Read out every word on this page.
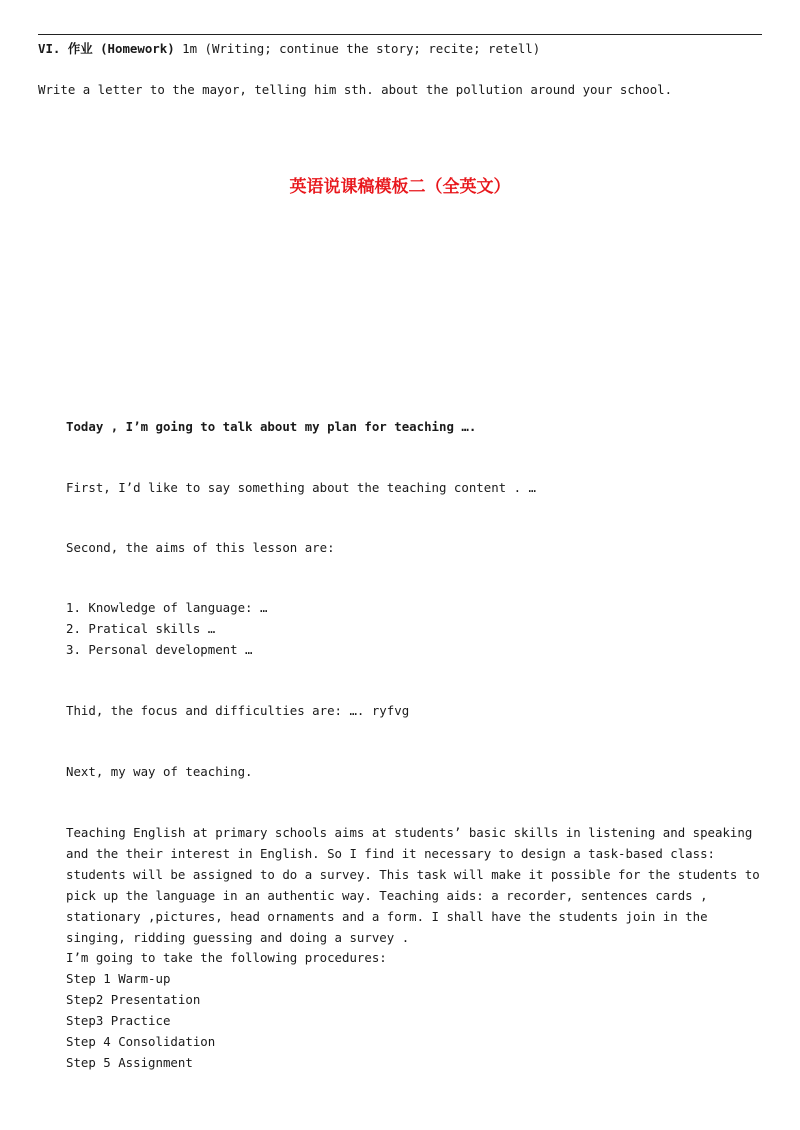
VI. 作业 (Homework) 1m (Writing; continue the story; recite; retell)
Write a letter to the mayor, telling him sth. about the pollution around your school.
英语说课稿模板二（全英文）
Today , I’m going to talk about my plan for teaching ….
First, I’d like to say something about the teaching content . …
Second, the aims of this lesson are:
1. Knowledge of language: …
2. Pratical skills …
3. Personal development …
Thid, the focus and difficulties are: …. ryfvg
Next, my way of teaching.
Teaching English at primary schools aims at students’ basic skills in listening and speaking and the their interest in English. So I find it necessary to design a task-based class: students will be assigned to do a survey. This task will make it possible for the students to pick up the language in an authentic way. Teaching aids: a recorder, sentences cards , stationary ,pictures, head ornaments and a form. I shall have the students join in the singing, ridding guessing and doing a survey .
I’m going to take the following procedures:
Step 1 Warm-up
Step2 Presentation
Step3 Practice
Step 4 Consolidation
Step 5 Assignment
